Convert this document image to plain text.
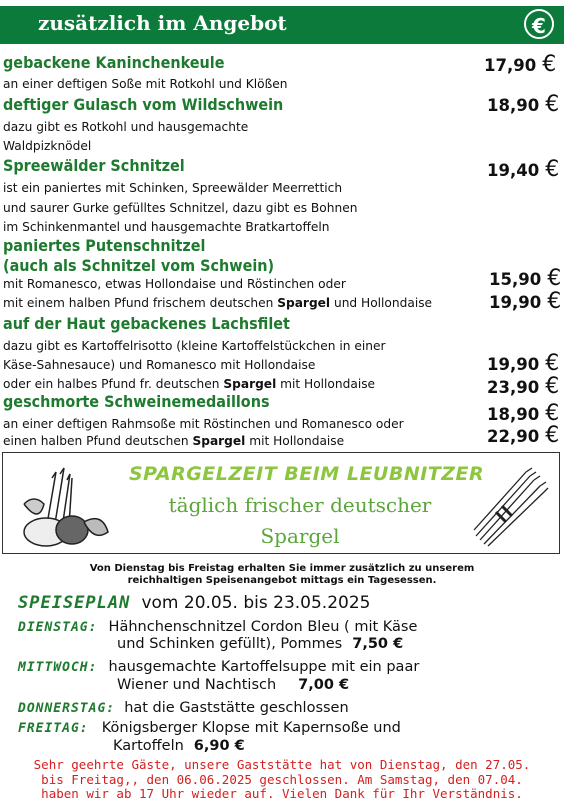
zusätzlich im Angebot	€
gebackene Kaninchenkeule
an einer deftigen Soße mit Rotkohl und Klößen
17,90 €
deftiger Gulasch vom Wildschwein
dazu gibt es Rotkohl und hausgemachte
Waldpizknödel
18,90 €
Spreewälder Schnitzel
ist ein paniertes mit Schinken, Spreewälder Meerrettich
und saurer Gurke gefülltes Schnitzel, dazu gibt es Bohnen
im Schinkenmantel und hausgemachte Bratkartoffeln
19,40 €
paniertes Putenschnitzel
(auch als Schnitzel vom Schwein)
mit Romanesco, etwas Hollondaise und Röstinchen oder
mit einem halben Pfund frischem deutschen Spargel und Hollondaise
15,90 €
19,90 €
auf der Haut gebackenes Lachsfilet
dazu gibt es Kartoffelrisotto (kleine Kartoffelstückchen in einer
Käse-Sahnesauce) und Romanesco mit Hollondaise
oder ein halbes Pfund fr. deutschen Spargel mit Hollondaise
19,90 €
23,90 €
geschmorte Schweinemedaillons
an einer deftigen Rahmsoße mit Röstinchen und Romanesco oder
einen halben Pfund deutschen Spargel mit Hollondaise
18,90 €
22,90 €
SPARGELZEIT BEIM LEUBNITZER
täglich frischer deutscher
Spargel
Von Dienstag bis Freistag erhalten Sie immer zusätzlich zu unserem
reichhaltigen Speisenangebot mittags ein Tagesessen.
SPEISEPLAN vom 20.05. bis 23.05.2025
DIENSTAG: Hähnchenschnitzel Cordon Bleu ( mit Käse
und Schinken gefüllt), Pommes 7,50 €
MITTWOCH: hausgemachte Kartoffelsuppe mit ein paar
Wiener und Nachtisch 7,00 €
DONNERSTAG: hat die Gaststätte geschlossen
FREITAG: Königsberger Klopse mit Kapernsoße und
Kartoffeln 6,90 €
Sehr geehrte Gäste, unsere Gaststätte hat von Dienstag, den 27.05.
bis Freitag,, den 06.06.2025 geschlossen. Am Samstag, den 07.04.
haben wir ab 17 Uhr wieder auf. Vielen Dank für Ihr Verständnis.
